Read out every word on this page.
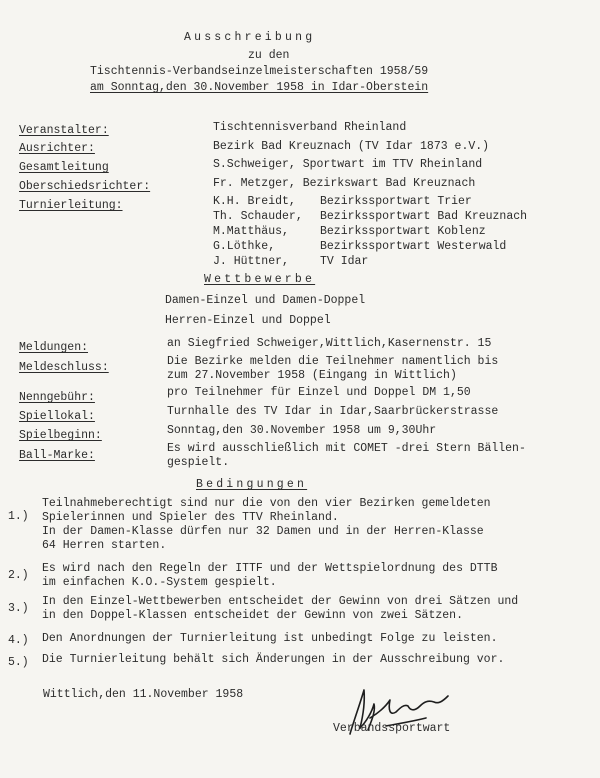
Ausschreibung
zu den
Tischtennis-Verbandseinzelmeisterschaften 1958/59
am Sonntag,den 30.November 1958 in Idar-Oberstein
Veranstalter:	Tischtennisverband Rheinland
Ausrichter:	Bezirk Bad Kreuznach (TV Idar 1873 e.V.)
Gesamtleitung	S.Schweiger, Sportwart im TTV Rheinland
Oberschiedsrichter:	Fr. Metzger, Bezirkswart Bad Kreuznach
Turnierleitung:	K.H. Breidt, Bezirkssportwart Trier
Th. Schauder, Bezirkssportwart Bad Kreuznach
M.Matthäus,	Bezirkssportwart Koblenz
G.Löthke,	Bezirkssportwart Westerwald
J. Hüttner,	TV Idar
Wettbewerbe
Damen-Einzel und Damen-Doppel
Herren-Einzel und Doppel
Meldungen:	an Siegfried Schweiger,Wittlich,Kasernenstr. 15
Meldeschluss:	Die Bezirke melden die Teilnehmer namentlich bis
zum 27.November 1958 (Eingang in Wittlich)
Nenngebühr:	pro Teilnehmer für Einzel und Doppel DM 1,50
Spiellokal:	Turnhalle des TV Idar in Idar,Saarbrückerstrasse
Spielbeginn:	Sonntag,den 30.November 1958 um 9,30Uhr
Ball-Marke:
Es wird ausschließlich mit COMET -drei Stern Bällen-
gespielt.
Bedingungen
1.)
Teilnahmeberechtigt sind nur die von den vier Bezirken gemeldeten
Spielerinnen und Spieler des TTV Rheinland.
In der Damen-Klasse dürfen nur 32 Damen und in der Herren-Klasse
64 Herren starten.
2.)
Es wird nach den Regeln der ITTF und der Wettspielordnung des DTTB
im einfachen K.O.-System gespielt.
3.)
In den Einzel-Wettbewerben entscheidet der Gewinn von drei Sätzen und
in den Doppel-Klassen entscheidet der Gewinn von zwei Sätzen.
4.) Den Anordnungen der Turnierleitung ist unbedingt Folge zu leisten.
5.) Die Turnierleitung behält sich Änderungen in der Ausschreibung vor.
Wittlich,den 11.November 1958
Verbandssportwart
